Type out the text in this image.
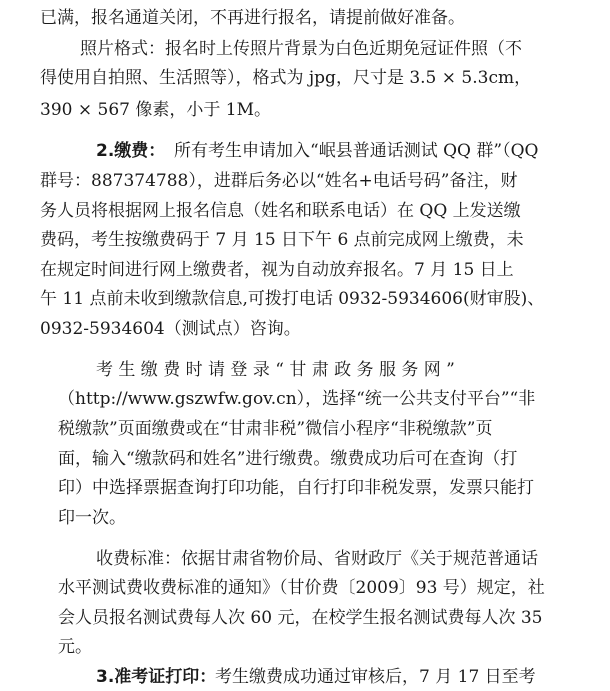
已满，报名通道关闭，不再进行报名，请提前做好准备。
照片格式：报名时上传照片背景为白色近期免冠证件照（不
得使用自拍照、生活照等），格式为 jpg，尺寸是 3.5 × 5.3cm，
390 × 567 像素，小于 1M。
2.缴费： 所有考生申请加入“岷县普通话测试 QQ 群”（QQ
群号：887374788），进群后务必以“姓名+电话号码”备注，财
务人员将根据网上报名信息（姓名和联系电话）在 QQ 上发送缴
费码，考生按缴费码于 7 月 15 日下午 6 点前完成网上缴费，未
在规定时间进行网上缴费者，视为自动放弃报名。7 月 15 日上
午 11 点前未收到缴款信息,可拨打电话 0932-5934606(财审股)、
0932-5934604（测试点）咨询。
考 生 缴 费 时 请 登 录 “ 甘 肃 政 务 服 务 网 ”
（http://www.gszwfw.gov.cn），选择“统一公共支付平台”“非
税缴款”页面缴费或在“甘肃非税”微信小程序“非税缴款”页
面，输入“缴款码和姓名”进行缴费。缴费成功后可在查询（打
印）中选择票据查询打印功能，自行打印非税发票，发票只能打
印一次。
收费标准：依据甘肃省物价局、省财政厅《关于规范普通话
水平测试费收费标准的通知》（甘价费〔2009〕93 号）规定，社
会人员报名测试费每人次 60 元，在校学生报名测试费每人次 35
元。
3.准考证打印：
考生缴费成功通过审核后，7 月 17 日至考
